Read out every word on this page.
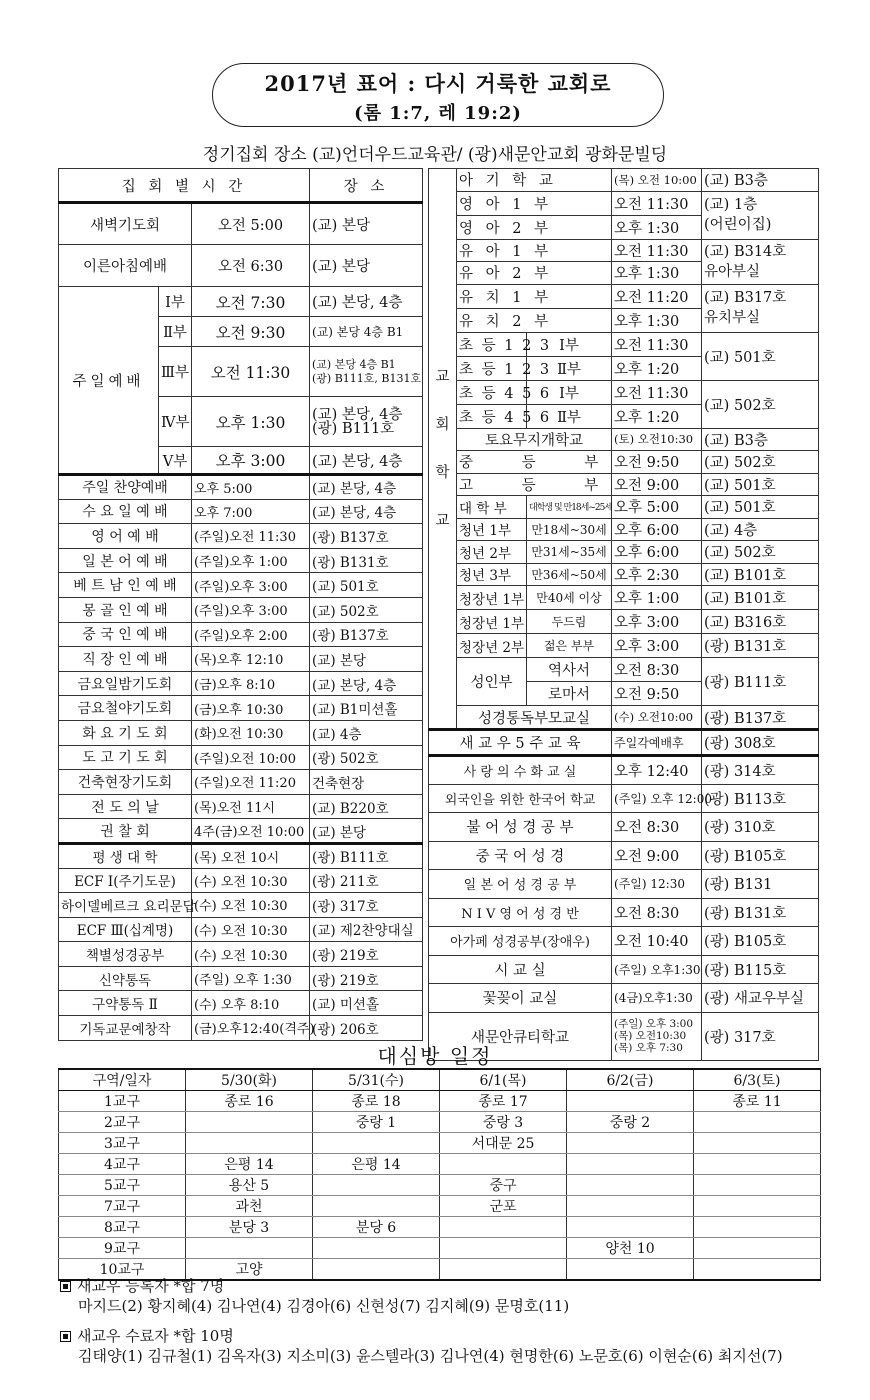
2017년 표어 : 다시 거룩한 교회로
(롬 1:7, 레 19:2)
정기집회 장소 (교)언더우드교육관/ (광)새문안교회 광화문빌딩
집 회 별 시 간			장 소
새벽기도회		오전 5:00	(교) 본당
이른아침예배		오전 6:30	(교) 본당
주일예배	Ⅰ부	오전 7:30	(교) 본당, 4층
	Ⅱ부	오전 9:30	(교) 본당 4층 B1
	Ⅲ부	오전 11:30	(교) 본당 4층 B1
(광) B111호, B131호
	Ⅳ부	오후 1:30	(교) 본당, 4층
(광) B111호
	Ⅴ부	오후 3:00	(교) 본당, 4층
주일 찬양예배		오후 5:00	(교) 본당, 4층
수 요 일 예 배		오후 7:00	(교) 본당, 4층
영 어 예 배		(주일)오전 11:30	(광) B137호
일 본 어 예 배		(주일)오후 1:00	(광) B131호
베 트 남 인 예 배		(주일)오후 3:00	(교) 501호
몽 골 인 예 배		(주일)오후 3:00	(교) 502호
중 국 인 예 배		(주일)오후 2:00	(광) B137호
직 장 인 예 배		(목)오후 12:10	(교) 본당
금요일밤기도회		(금)오후 8:10	(교) 본당, 4층
금요철야기도회		(금)오후 10:30	(교) B1미션홀
화 요 기 도 회		(화)오전 10:30	(교) 4층
도 고 기 도 회		(주일)오전 10:00	(광) 502호
건축현장기도회		(주일)오전 11:20	건축현장
전 도 의 날		(목)오전 11시	(교) B220호
권 찰 회		4주(금)오전 10:00	(교) 본당
평 생 대 학		(목) 오전 10시	(광) B111호
ECF Ⅰ(주기도문)		(수) 오전 10:30	(광) 211호
하이델베르크 요리문답		(수) 오전 10:30	(광) 317호
ECF Ⅲ(십계명)		(수) 오전 10:30	(교) 제2찬양대실
책별성경공부		(수) 오전 10:30	(광) 219호
신약통독		(주일) 오후 1:30	(광) 219호
구약통독 Ⅱ		(수) 오후 8:10	(교) 미션홀
기독교문예창작		(금)오후12:40(격주)	(광) 206호
교
회
학
교	아 기 학 교		(목) 오전 10:00	(교) B3층
	영 아 1 부		오전 11:30	(교) 1층
(어린이집)
	영 아 2 부		오후 1:30	
	유 아 1 부		오전 11:30	(교) B314호
유아부실
	유 아 2 부		오후 1:30	
	유 치 1 부		오전 11:20	(교) B317호
유치부실
	유 치 2 부		오후 1:30	
	초 등 1 2 3	Ⅰ부	오전 11:30	(교) 501호
	초 등 1 2 3	Ⅱ부	오후 1:20	
	초 등 4 5 6	Ⅰ부	오전 11:30	(교) 502호
	초 등 4 5 6	Ⅱ부	오후 1:20	
	토요무지개학교		(토) 오전10:30	(교) B3층
	중 등 부		오전 9:50	(교) 502호
	고 등 부		오전 9:00	(교) 501호
	대 학 부	대학생 및 만18세~25세	오후 5:00	(교) 501호
	청년 1부	만18세~30세	오후 6:00	(교) 4층
	청년 2부	만31세~35세	오후 6:00	(교) 502호
	청년 3부	만36세~50세	오후 2:30	(교) B101호
	청장년 1부	만40세 이상	오후 1:00	(교) B101호
	청장년 1부	두드림	오후 3:00	(교) B316호
	청장년 2부	젊은 부부	오후 3:00	(광) B131호
	성인부	역사서	오전 8:30	(광) B111호
		로마서	오전 9:50	
	성경통독부모교실		(수) 오전10:00	(광) B137호
새 교 우 5 주 교 육			주일각예배후	(광) 308호
사 랑 의 수 화 교 실			오후 12:40	(광) 314호
외국인을 위한 한국어 학교			(주일) 오후 12:00	(광) B113호
불 어 성 경 공 부			오전 8:30	(광) 310호
중 국 어 성 경			오전 9:00	(광) B105호
일 본 어 성 경 공 부			(주일) 12:30	(광) B131
N I V 영 어 성 경 반			오전 8:30	(광) B131호
아가페 성경공부(장애우)			오전 10:40	(광) B105호
시 교 실			(주일) 오후1:30	(광) B115호
꽃꽂이 교실			(4금)오후1:30	(광) 새교우부실
새문안큐티학교			(주일) 오후 3:00
(목) 오전10:30
(목) 오후 7:30	(광) 317호
대심방 일정
구역/일자	5/30(화)	5/31(수)	6/1(목)	6/2(금)	6/3(토)
1교구	종로 16	종로 18	종로 17		종로 11
2교구		중랑 1	중랑 3	중랑 2	
3교구			서대문 25		
4교구	은평 14	은평 14			
5교구	용산 5		중구		
7교구	과천		군포		
8교구	분당 3	분당 6			
9교구				양천 10	
10교구	고양				
새교우 등록자 *합 7명
마지드(2) 황지혜(4) 김나연(4) 김경아(6) 신현성(7) 김지혜(9) 문명호(11)
새교우 수료자 *합 10명
김태양(1) 김규철(1) 김옥자(3) 지소미(3) 윤스텔라(3) 김나연(4) 현명한(6) 노문호(6) 이현순(6) 최지선(7)
